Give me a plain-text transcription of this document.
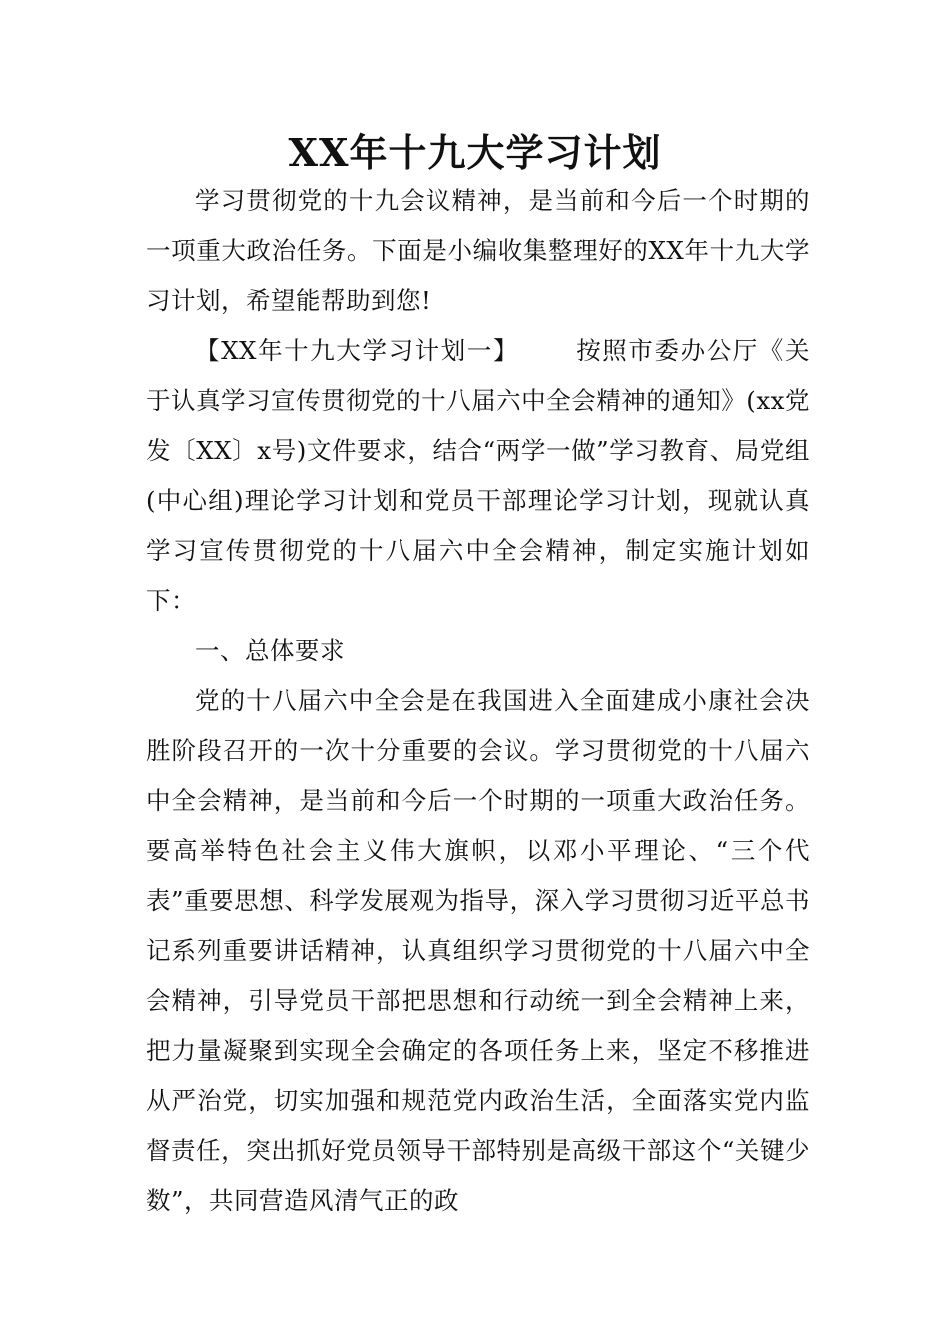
XX年十九大学习计划

学习贯彻党的十九会议精神，是当前和今后一个时期的一项重大政治任务。下面是小编收集整理好的XX年十九大学习计划，希望能帮助到您!

【XX年十九大学习计划一】 按照市委办公厅《关于认真学习宣传贯彻党的十八届六中全会精神的通知》(xx党发〔XX〕x号)文件要求，结合“两学一做”学习教育、局党组(中心组)理论学习计划和党员干部理论学习计划，现就认真学习宣传贯彻党的十八届六中全会精神，制定实施计划如下：

一、总体要求

党的十八届六中全会是在我国进入全面建成小康社会决胜阶段召开的一次十分重要的会议。学习贯彻党的十八届六中全会精神，是当前和今后一个时期的一项重大政治任务。要高举特色社会主义伟大旗帜，以邓小平理论、“三个代表”重要思想、科学发展观为指导，深入学习贯彻习近平总书记系列重要讲话精神，认真组织学习贯彻党的十八届六中全会精神，引导党员干部把思想和行动统一到全会精神上来，把力量凝聚到实现全会确定的各项任务上来，坚定不移推进从严治党，切实加强和规范党内政治生活，全面落实党内监督责任，突出抓好党员领导干部特别是高级干部这个“关键少数”，共同营造风清气正的政
